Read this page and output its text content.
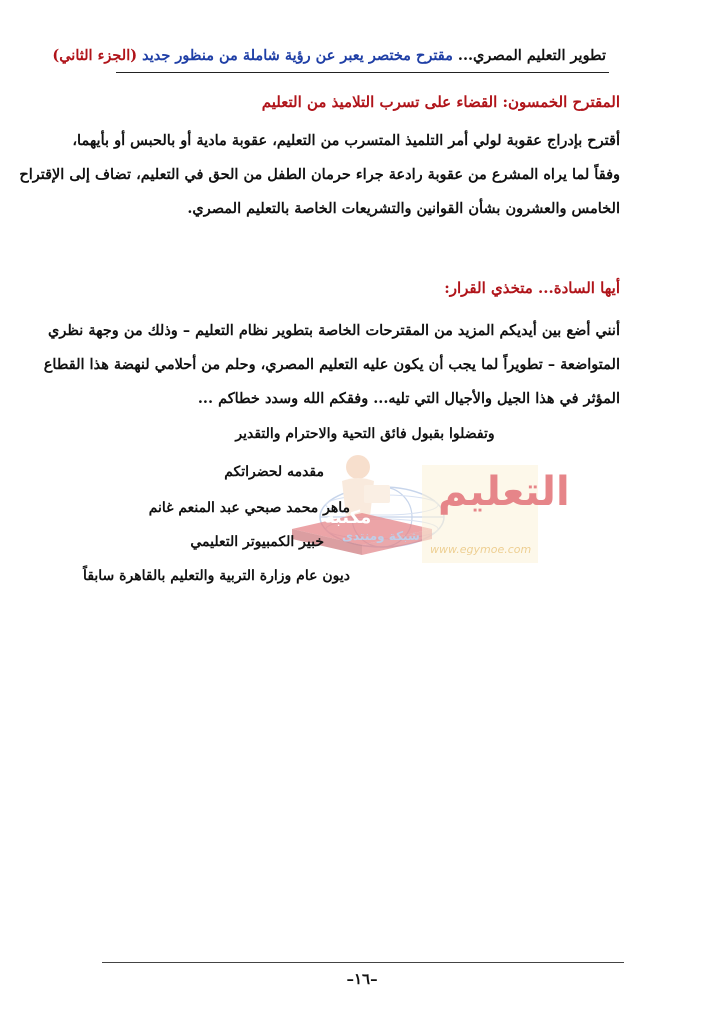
تطوير التعليم المصري... مقترح مختصر يعبر عن رؤية شاملة من منظور جديد (الجزء الثاني)
المقترح الخمسون: القضاء على تسرب التلاميذ من التعليم
أقترح بإدراج عقوبة لولي أمر التلميذ المتسرب من التعليم، عقوبة مادية أو بالحبس أو بأيهما،
وفقاً لما يراه المشرع من عقوبة رادعة جراء حرمان الطفل من الحق في التعليم، تضاف إلى الإقتراح
الخامس والعشرون بشأن القوانين والتشريعات الخاصة بالتعليم المصري.
أيها السادة... متخذي القرار:
أنني أضع بين أيديكم المزيد من المقترحات الخاصة بتطوير نظام التعليم – وذلك من وجهة نظري
المتواضعة – تطويراً لما يجب أن يكون عليه التعليم المصري، وحلم من أحلامي لنهضة هذا القطاع
المؤثر في هذا الجيل والأجيال التي تليه... وفقكم الله وسدد خطاكم ...
وتفضلوا بقبول فائق التحية والاحترام والتقدير
التعليم
شبكة ومنتدى
www.egymoe.com
مكتبة
مقدمه لحضراتكم
ماهر محمد صبحي عبد المنعم غانم
خبير الكمبيوتر التعليمي
ديون عام وزارة التربية والتعليم بالقاهرة سابقاً
–١٦–
